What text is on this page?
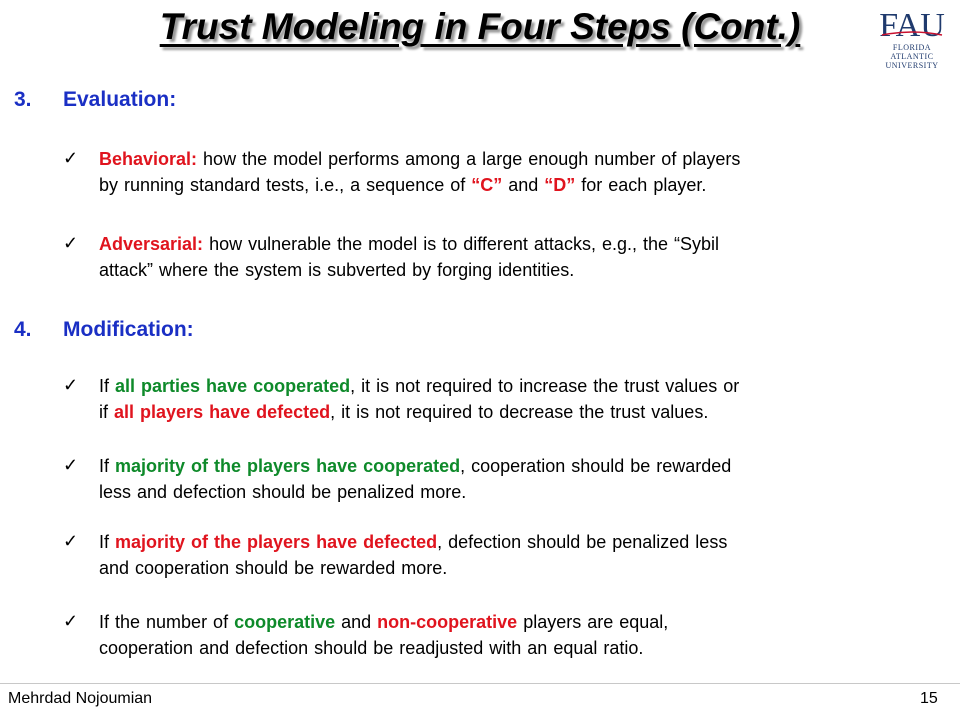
Trust Modeling in Four Steps (Cont.)	FAU
FLORIDA
ATLANTIC
UNIVERSITY
3. Evaluation:
✓ Behavioral: how the model performs among a large enough number of players
by running standard tests, i.e., a sequence of “C” and “D” for each player.
✓ Adversarial: how vulnerable the model is to different attacks, e.g., the “Sybil
attack” where the system is subverted by forging identities.
4. Modification:
✓ If all parties have cooperated, it is not required to increase the trust values or
if all players have defected, it is not required to decrease the trust values.
✓ If majority of the players have cooperated, cooperation should be rewarded
less and defection should be penalized more.
✓ If majority of the players have defected, defection should be penalized less
and cooperation should be rewarded more.
✓ If the number of cooperative and non-cooperative players are equal,
cooperation and defection should be readjusted with an equal ratio.
Mehrdad Nojoumian	15
